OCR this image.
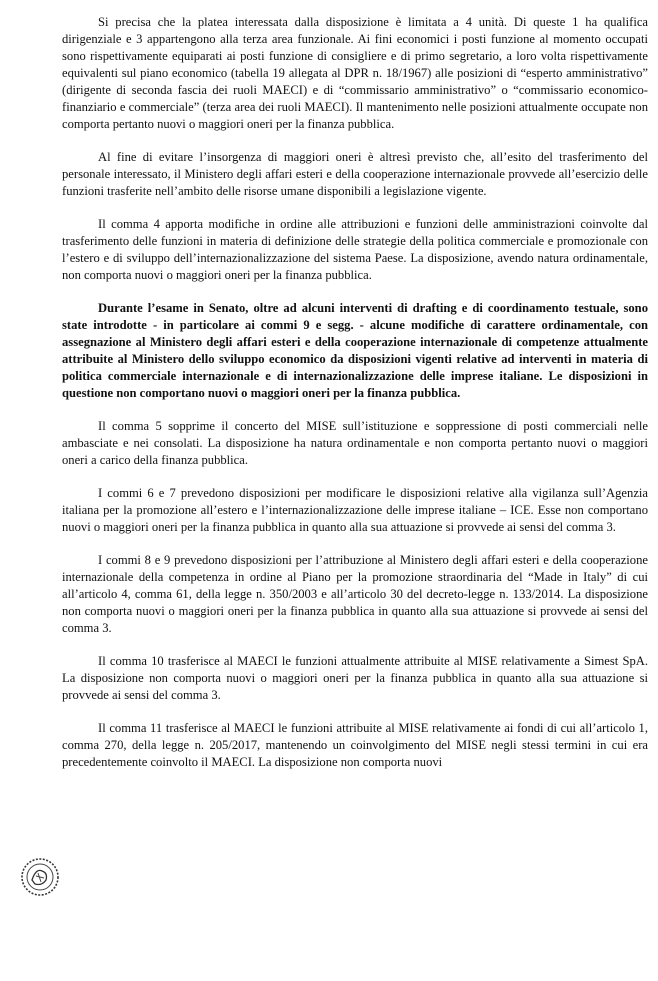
Si precisa che la platea interessata dalla disposizione è limitata a 4 unità. Di queste 1 ha qualifica dirigenziale e 3 appartengono alla terza area funzionale. Ai fini economici i posti funzione al momento occupati sono rispettivamente equiparati ai posti funzione di consigliere e di primo segretario, a loro volta rispettivamente equivalenti sul piano economico (tabella 19 allegata al DPR n. 18/1967) alle posizioni di “esperto amministrativo” (dirigente di seconda fascia dei ruoli MAECI) e di “commissario amministrativo” o “commissario economico-finanziario e commerciale” (terza area dei ruoli MAECI). Il mantenimento nelle posizioni attualmente occupate non comporta pertanto nuovi o maggiori oneri per la finanza pubblica.

Al fine di evitare l’insorgenza di maggiori oneri è altresì previsto che, all’esito del trasferimento del personale interessato, il Ministero degli affari esteri e della cooperazione internazionale provvede all’esercizio delle funzioni trasferite nell’ambito delle risorse umane disponibili a legislazione vigente.

Il comma 4 apporta modifiche in ordine alle attribuzioni e funzioni delle amministrazioni coinvolte dal trasferimento delle funzioni in materia di definizione delle strategie della politica commerciale e promozionale con l’estero e di sviluppo dell’internazionalizzazione del sistema Paese. La disposizione, avendo natura ordinamentale, non comporta nuovi o maggiori oneri per la finanza pubblica.

Durante l’esame in Senato, oltre ad alcuni interventi di drafting e di coordinamento testuale, sono state introdotte - in particolare ai commi 9 e segg. - alcune modifiche di carattere ordinamentale, con assegnazione al Ministero degli affari esteri e della cooperazione internazionale di competenze attualmente attribuite al Ministero dello sviluppo economico da disposizioni vigenti relative ad interventi in materia di politica commerciale internazionale e di internazionalizzazione delle imprese italiane. Le disposizioni in questione non comportano nuovi o maggiori oneri per la finanza pubblica.

Il comma 5 sopprime il concerto del MISE sull’istituzione e soppressione di posti commerciali nelle ambasciate e nei consolati. La disposizione ha natura ordinamentale e non comporta pertanto nuovi o maggiori oneri a carico della finanza pubblica.

I commi 6 e 7 prevedono disposizioni per modificare le disposizioni relative alla vigilanza sull’Agenzia italiana per la promozione all’estero e l’internazionalizzazione delle imprese italiane – ICE. Esse non comportano nuovi o maggiori oneri per la finanza pubblica in quanto alla sua attuazione si provvede ai sensi del comma 3.

I commi 8 e 9 prevedono disposizioni per l’attribuzione al Ministero degli affari esteri e della cooperazione internazionale della competenza in ordine al Piano per la promozione straordinaria del “Made in Italy” di cui all’articolo 4, comma 61, della legge n. 350/2003 e all’articolo 30 del decreto-legge n. 133/2014. La disposizione non comporta nuovi o maggiori oneri per la finanza pubblica in quanto alla sua attuazione si provvede ai sensi del comma 3.

Il comma 10 trasferisce al MAECI le funzioni attualmente attribuite al MISE relativamente a Simest SpA. La disposizione non comporta nuovi o maggiori oneri per la finanza pubblica in quanto alla sua attuazione si provvede ai sensi del comma 3.

Il comma 11 trasferisce al MAECI le funzioni attribuite al MISE relativamente ai fondi di cui all’articolo 1, comma 270, della legge n. 205/2017, mantenendo un coinvolgimento del MISE negli stessi termini in cui era precedentemente coinvolto il MAECI. La disposizione non comporta nuovi
